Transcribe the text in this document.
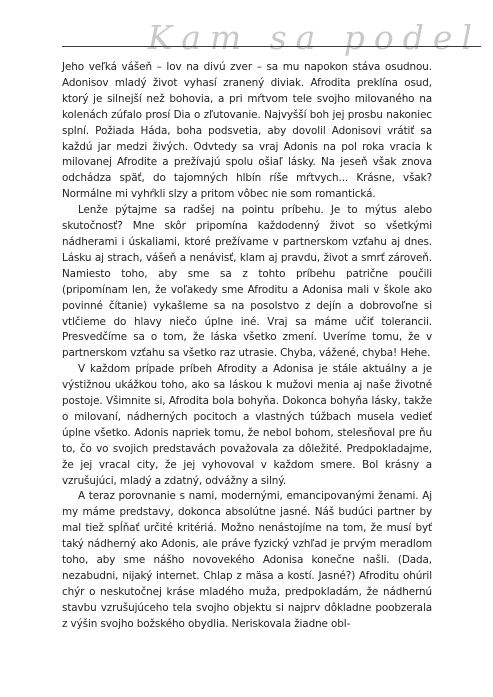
Kam sa podel

Jeho veľká vášeň – lov na divú zver – sa mu napokon stáva osudnou. Adonisov mladý život vyhasí zranený diviak. Afrodita preklína osud, ktorý je silnejší než bohovia, a pri mŕtvom tele svojho milovaného na kolenách zúfalo prosí Dia o zľutovanie. Najvyšší boh jej prosbu nakoniec splní. Požiada Háda, boha podsvetia, aby dovolil Adonisovi vrátiť sa každú jar medzi živých. Odvtedy sa vraj Adonis na pol roka vracia k milovanej Afrodite a prežívajú spolu ošiaľ lásky. Na jeseň však znova odchádza späť, do tajomných hlbín ríše mŕtvych... Krásne, však? Normálne mi vyhŕkli slzy a pritom vôbec nie som romantická.

Lenže pýtajme sa radšej na pointu príbehu. Je to mýtus alebo skutočnosť? Mne skôr pripomína každodenný život so všetkými nádherami i úskaliami, ktoré prežívame v partnerskom vzťahu aj dnes. Lásku aj strach, vášeň a nenávisť, klam aj pravdu, život a smrť zároveň. Namiesto toho, aby sme sa z tohto príbehu patrične poučili (pripomínam len, že voľakedy sme Afroditu a Adonisa mali v škole ako povinné čítanie) vykašleme sa na posolstvo z dejín a dobrovoľne si vtlčieme do hlavy niečo úplne iné. Vraj sa máme učiť tolerancii. Presvedčíme sa o tom, že láska všetko zmení. Uveríme tomu, že v partnerskom vzťahu sa všetko raz utrasie. Chyba, vážené, chyba! Hehe.

V každom prípade príbeh Afrodity a Adonisa je stále aktuálny a je výstižnou ukážkou toho, ako sa láskou k mužovi menia aj naše životné postoje. Všimnite si, Afrodita bola bohyňa. Dokonca bohyňa lásky, takže o milovaní, nádherných pocitoch a vlastných túžbach musela vedieť úplne všetko. Adonis napriek tomu, že nebol bohom, stelesňoval pre ňu to, čo vo svojich predstavách považovala za dôležité. Predpokladajme, že jej vracal city, že jej vyhovoval v každom smere. Bol krásny a vzrušujúci, mladý a zdatný, odvážny a silný.

A teraz porovnanie s nami, modernými, emancipovanými ženami. Aj my máme predstavy, dokonca absolútne jasné. Náš budúci partner by mal tiež spĺňať určité kritériá. Možno nenástojíme na tom, že musí byť taký nádherný ako Adonis, ale práve fyzický vzhľad je prvým meradlom toho, aby sme nášho novovekého Adonisa konečne našli. (Dada, nezabudni, nijaký internet. Chlap z mäsa a kostí. Jasné?) Afroditu ohúril chýr o neskutočnej kráse mladého muža, predpokladám, že nádhernú stavbu vzrušujúceho tela svojho objektu si najprv dôkladne poobzerala z výšin svojho božského obydlia. Neriskovala žiadne obl-
